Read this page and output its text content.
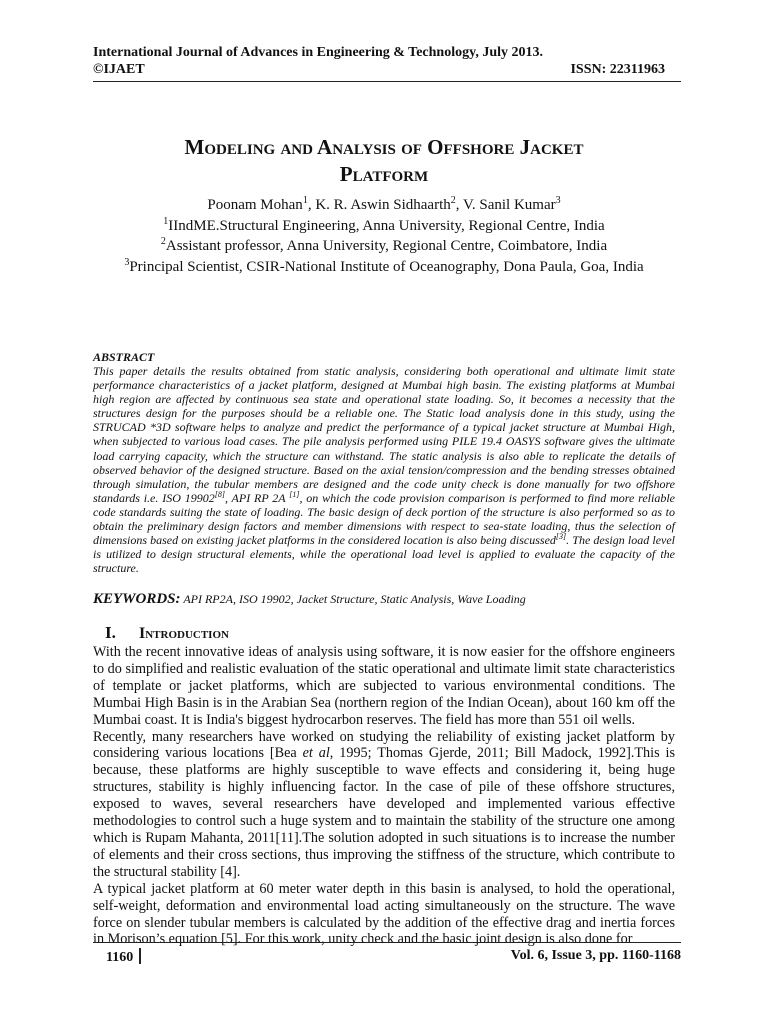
International Journal of Advances in Engineering & Technology, July 2013.
©IJAET	ISSN: 22311963
Modeling and Analysis of Offshore Jacket
Platform
Poonam Mohan$^1$, K. R. Aswin Sidhaarth$^2$, V. Sanil Kumar$^3$
$^1$IIndME.Structural Engineering, Anna University, Regional Centre, India
$^2$Assistant professor, Anna University, Regional Centre, Coimbatore, India
$^3$Principal Scientist, CSIR-National Institute of Oceanography, Dona Paula, Goa, India
ABSTRACT
This paper details the results obtained from static analysis, considering both operational and ultimate limit state performance characteristics of a jacket platform, designed at Mumbai high basin. The existing platforms at Mumbai high region are affected by continuous sea state and operational state loading. So, it becomes a necessity that the structures design for the purposes should be a reliable one. The Static load analysis done in this study, using the STRUCAD *3D software helps to analyze and predict the performance of a typical jacket structure at Mumbai High, when subjected to various load cases. The pile analysis performed using PILE 19.4 OASYS software gives the ultimate load carrying capacity, which the structure can withstand. The static analysis is also able to replicate the details of observed behavior of the designed structure. Based on the axial tension/compression and the bending stresses obtained through simulation, the tubular members are designed and the code unity check is done manually for two offshore standards i.e. ISO 19902[8], API RP 2A [1], on which the code provision comparison is performed to find more reliable code standards suiting the state of loading. The basic design of deck portion of the structure is also performed so as to obtain the preliminary design factors and member dimensions with respect to sea-state loading, thus the selection of dimensions based on existing jacket platforms in the considered location is also being discussed[3]. The design load level is utilized to design structural elements, while the operational load level is applied to evaluate the capacity of the structure.
KEYWORDS: API RP2A, ISO 19902, Jacket Structure, Static Analysis, Wave Loading
I. Introduction

With the recent innovative ideas of analysis using software, it is now easier for the offshore engineers to do simplified and realistic evaluation of the static operational and ultimate limit state characteristics of template or jacket platforms, which are subjected to various environmental conditions. The Mumbai High Basin is in the Arabian Sea (northern region of the Indian Ocean), about 160 km off the Mumbai coast. It is India's biggest hydrocarbon reserves. The field has more than 551 oil wells.

Recently, many researchers have worked on studying the reliability of existing jacket platform by considering various locations [Bea et al, 1995; Thomas Gjerde, 2011; Bill Madock, 1992].This is because, these platforms are highly susceptible to wave effects and considering it, being huge structures, stability is highly influencing factor. In the case of pile of these offshore structures, exposed to waves, several researchers have developed and implemented various effective methodologies to control such a huge system and to maintain the stability of the structure one among which is Rupam Mahanta, 2011[11].The solution adopted in such situations is to increase the number of elements and their cross sections, thus improving the stiffness of the structure, which contribute to the structural stability [4].

A typical jacket platform at 60 meter water depth in this basin is analysed, to hold the operational, self-weight, deformation and environmental load acting simultaneously on the structure. The wave force on slender tubular members is calculated by the addition of the effective drag and inertia forces in Morison’s equation [5]. For this work, unity check and the basic joint design is also done for

1160	Vol. 6, Issue 3, pp. 1160-1168
